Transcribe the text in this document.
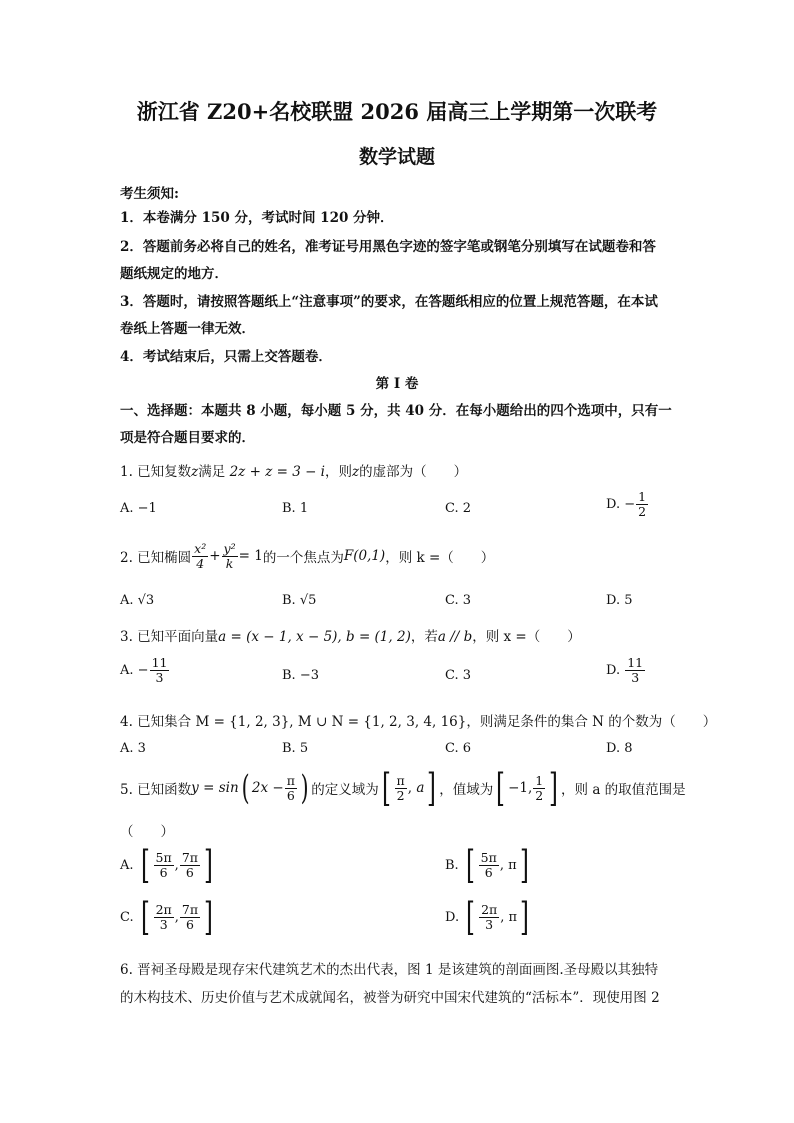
浙江省 Z20+名校联盟 2026 届高三上学期第一次联考
数学试题
考生须知:
1．本卷满分 150 分，考试时间 120 分钟．
2．答题前务必将自己的姓名，准考证号用黑色字迹的签字笔或钢笔分别填写在试题卷和答
题纸规定的地方．
3．答题时，请按照答题纸上“注意事项”的要求，在答题纸相应的位置上规范答题，在本试
卷纸上答题一律无效．
4．考试结束后，只需上交答题卷．
第 I 卷
一、选择题：本题共 8 小题，每小题 5 分，共 40 分．在每小题给出的四个选项中，只有一
项是符合题目要求的．
1. 已知复数z满足 2z + z = 3 − i，则z的虚部为（　　）
A. −1	B. 1	C. 2	D.
− $\frac{1}{2}$
2. 已知椭圆 $\frac{\text{x²}}{4} + \frac{\text{y²}}{k} = 1$ 的一个焦点为 F(0,1) ，则 k =（　　）
A. √3	B. √5	C. 3	D. 5
3. 已知平面向量a = (x − 1, x − 5), b = (1, 2)，若a // b，则 x =（　　）
A.
− $\frac{11}{3}$	B. −3	C. 3	D.
$\frac{11}{3}$
4. 已知集合 M = {1, 2, 3}, M ∪ N = {1, 2, 3, 4, 16}，则满足条件的集合 N 的个数为（　　）
A. 3	B. 5	C. 6	D. 8
5. 已知函数 y = sin ( $2x - \frac{\pi}{6}$ ) 的定义域为 [ $\frac{\pi}{2}$ , a ] ，值域为 [ −1, $\frac{1}{2}$ ] ，则 a 的取值范围是
（　　）
A.
[ $\frac{5\pi}{6}$ , $\frac{7\pi}{6}$ ]	B.
[ $\frac{5\pi}{6}$ , π ]
C.
[ $\frac{2\pi}{3}$ , $\frac{7\pi}{6}$ ]	D.
[ $\frac{2\pi}{3}$ , π ]
6. 晋祠圣母殿是现存宋代建筑艺术的杰出代表，图 1 是该建筑的剖面画图.圣母殿以其独特
的木构技术、历史价值与艺术成就闻名，被誉为研究中国宋代建筑的“活标本”．现使用图 2
